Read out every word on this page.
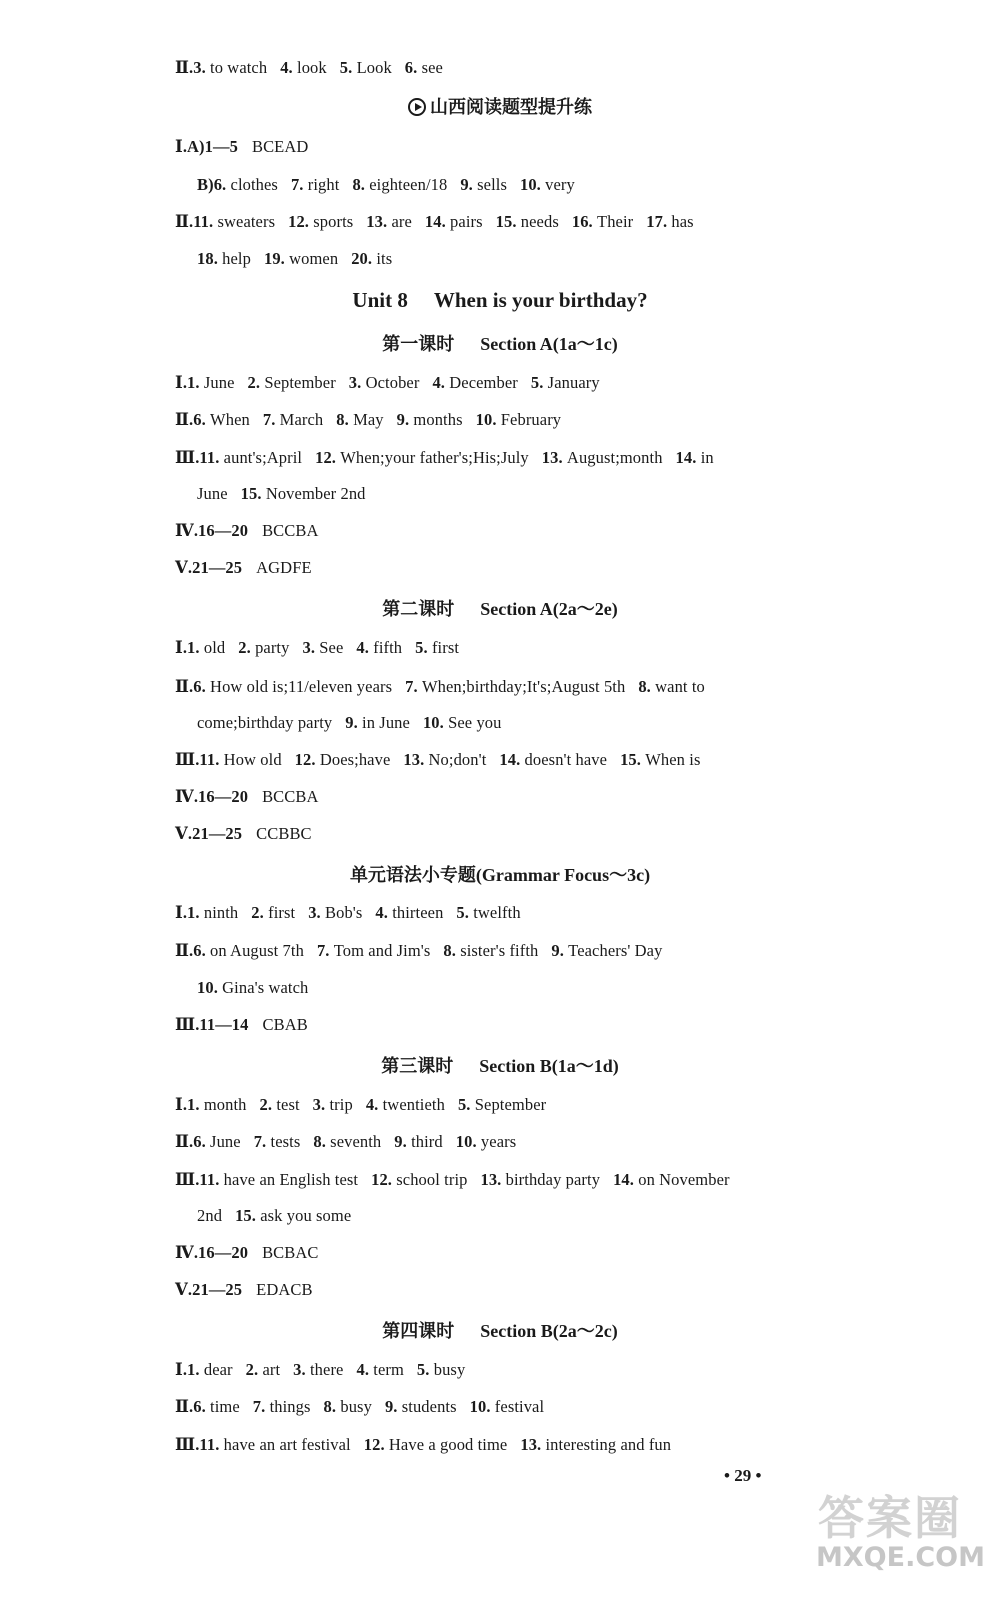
Ⅱ.3. to watch 4. look 5. Look 6. see
山西阅读题型提升练
Ⅰ.A)1—5 BCEAD
B)6. clothes 7. right 8. eighteen/18 9. sells 10. very
Ⅱ.11. sweaters 12. sports 13. are 14. pairs 15. needs 16. Their 17. has
18. help 19. women 20. its
Unit 8 When is your birthday?
第一课时 Section A(1a～1c)
Ⅰ.1. June 2. September 3. October 4. December 5. January
Ⅱ.6. When 7. March 8. May 9. months 10. February
Ⅲ.11. aunt's;April 12. When;your father's;His;July 13. August;month 14. in
June 15. November 2nd
Ⅳ.16—20 BCCBA
Ⅴ.21—25 AGDFE
第二课时 Section A(2a～2e)
Ⅰ.1. old 2. party 3. See 4. fifth 5. first
Ⅱ.6. How old is;11/eleven years 7. When;birthday;It's;August 5th 8. want to
come;birthday party 9. in June 10. See you
Ⅲ.11. How old 12. Does;have 13. No;don't 14. doesn't have 15. When is
Ⅳ.16—20 BCCBA
Ⅴ.21—25 CCBBC
单元语法小专题(Grammar Focus～3c)
Ⅰ.1. ninth 2. first 3. Bob's 4. thirteen 5. twelfth
Ⅱ.6. on August 7th 7. Tom and Jim's 8. sister's fifth 9. Teachers' Day
10. Gina's watch
Ⅲ.11—14 CBAB
第三课时 Section B(1a～1d)
Ⅰ.1. month 2. test 3. trip 4. twentieth 5. September
Ⅱ.6. June 7. tests 8. seventh 9. third 10. years
Ⅲ.11. have an English test 12. school trip 13. birthday party 14. on November
2nd 15. ask you some
Ⅳ.16—20 BCBAC
Ⅴ.21—25 EDACB
第四课时 Section B(2a～2c)
Ⅰ.1. dear 2. art 3. there 4. term 5. busy
Ⅱ.6. time 7. things 8. busy 9. students 10. festival
Ⅲ.11. have an art festival 12. Have a good time 13. interesting and fun
• 29 •
答案圈
MXQE.COM
